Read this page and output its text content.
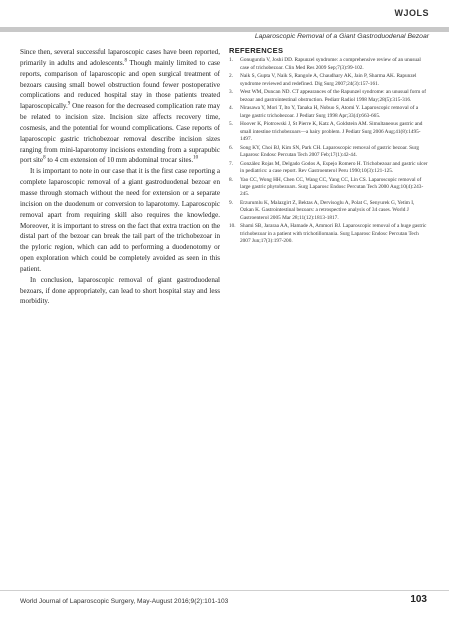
WJOLS
Laparoscopic Removal of a Giant Gastroduodenal Bezoar

Since then, several successful laparoscopic cases have been reported, primarily in adults and adolescents.$^8$ Though mainly limited to case reports, comparison of laparoscopic and open surgical treatment of bezoars causing small bowel obstruction found fewer postoperative complications and reduced hospital stay in those patients treated laparoscopically.$^9$ One reason for the decreased complication rate may be related to incision size. Incision size affects recovery time, cosmesis, and the potential for wound complications. Case reports of laparoscopic gastric trichobezoar removal describe incision sizes ranging from mini-laparotomy incisions extending from a suprapubic port site$^8$ to 4 cm extension of 10 mm abdominal trocar sites.$^{10}$

It is important to note in our case that it is the first case reporting a complete laparoscopic removal of a giant gastroduodenal bezoar en masse through stomach without the need for extension or a separate incision on the duodenum or conversion to laparotomy. Laparoscopic removal apart from requiring skill also requires the knowledge. Moreover, it is important to stress on the fact that extra traction on the distal part of the bezoar can break the tail part of the trichobezoar in the pyloric region, which can add to performing a duodenotomy or open exploration which could be completely avoided as seen in this patient.

In conclusion, laparoscopic removal of giant gastroduodenal bezoars, if done appropriately, can lead to short hospital stay and less morbidity.

REFERENCES
1.	Gonuguntla V, Joshi DD. Rapunzel syndrome: a comprehensive review of an unusual case of trichobezoar. Clin Med Res 2009 Sep;7(3):99-102.
2.	Naik S, Gupta V, Naik S, Rangole A, Chaudhary AK, Jain P, Sharma AK. Rapunzel syndrome reviewed and redefined. Dig Surg 2007;24(3):157-161.
3.	West WM, Duncan ND. CT appearances of the Rapunzel syndrome: an unusual form of bezoar and gastrointestinal obstruction. Pediatr Radiol 1998 May;28(5):315-316.
4.	Nirasawa Y, Mori T, Ito Y, Tanaka H, Nobuo S, Atomi Y. Laparoscopic removal of a large gastric trichobezoar. J Pediatr Surg 1998 Apr;33(4):663-665.
5.	Hoover K, Piotrowski J, St Pierre K, Katz A, Goldstein AM. Simultaneous gastric and small intestine trichobezoars—a hairy problem. J Pediatr Surg 2006 Aug;41(8):1495-1497.
6.	Song KY, Choi BJ, Kim SN, Park CH. Laparoscopic removal of gastric bezoar. Surg Laparosc Endosc Percutan Tech 2007 Feb;17(1):42-44.
7.	González Rojas M, Delgado Godos A, Espejo Romero H. Trichobezoar and gastric ulcer in pediatrics: a case report. Rev Gastroenterol Peru 1990;10(3):121-125.
8.	Yao CC, Wong HH, Chen CC, Wang CC, Yang CC, Lin CS. Laparoscopic removal of large gastric phytobezoars. Surg Laparosc Endosc Percutan Tech 2000 Aug;10(4):243-245.
9.	Erzurumlu K, Malazgirt Z, Bektas A, Dervisoglu A, Polat C, Senyurek G, Yetim I, Ozkan K. Gastrointestinal bezoars: a retrospective analysis of 34 cases. World J Gastroenterol 2005 Mar 28;11(12):1813-1817.
10. Shami SB, Jararaa AA, Hamade A, Ammori BJ. Laparoscopic removal of a huge gastric trichobezoar in a patient with trichotillomania. Surg Laparosc Endosc Percutan Tech 2007 Jun;17(3):197-200.
World Journal of Laparoscopic Surgery, May-August 2016;9(2):101-103	103
